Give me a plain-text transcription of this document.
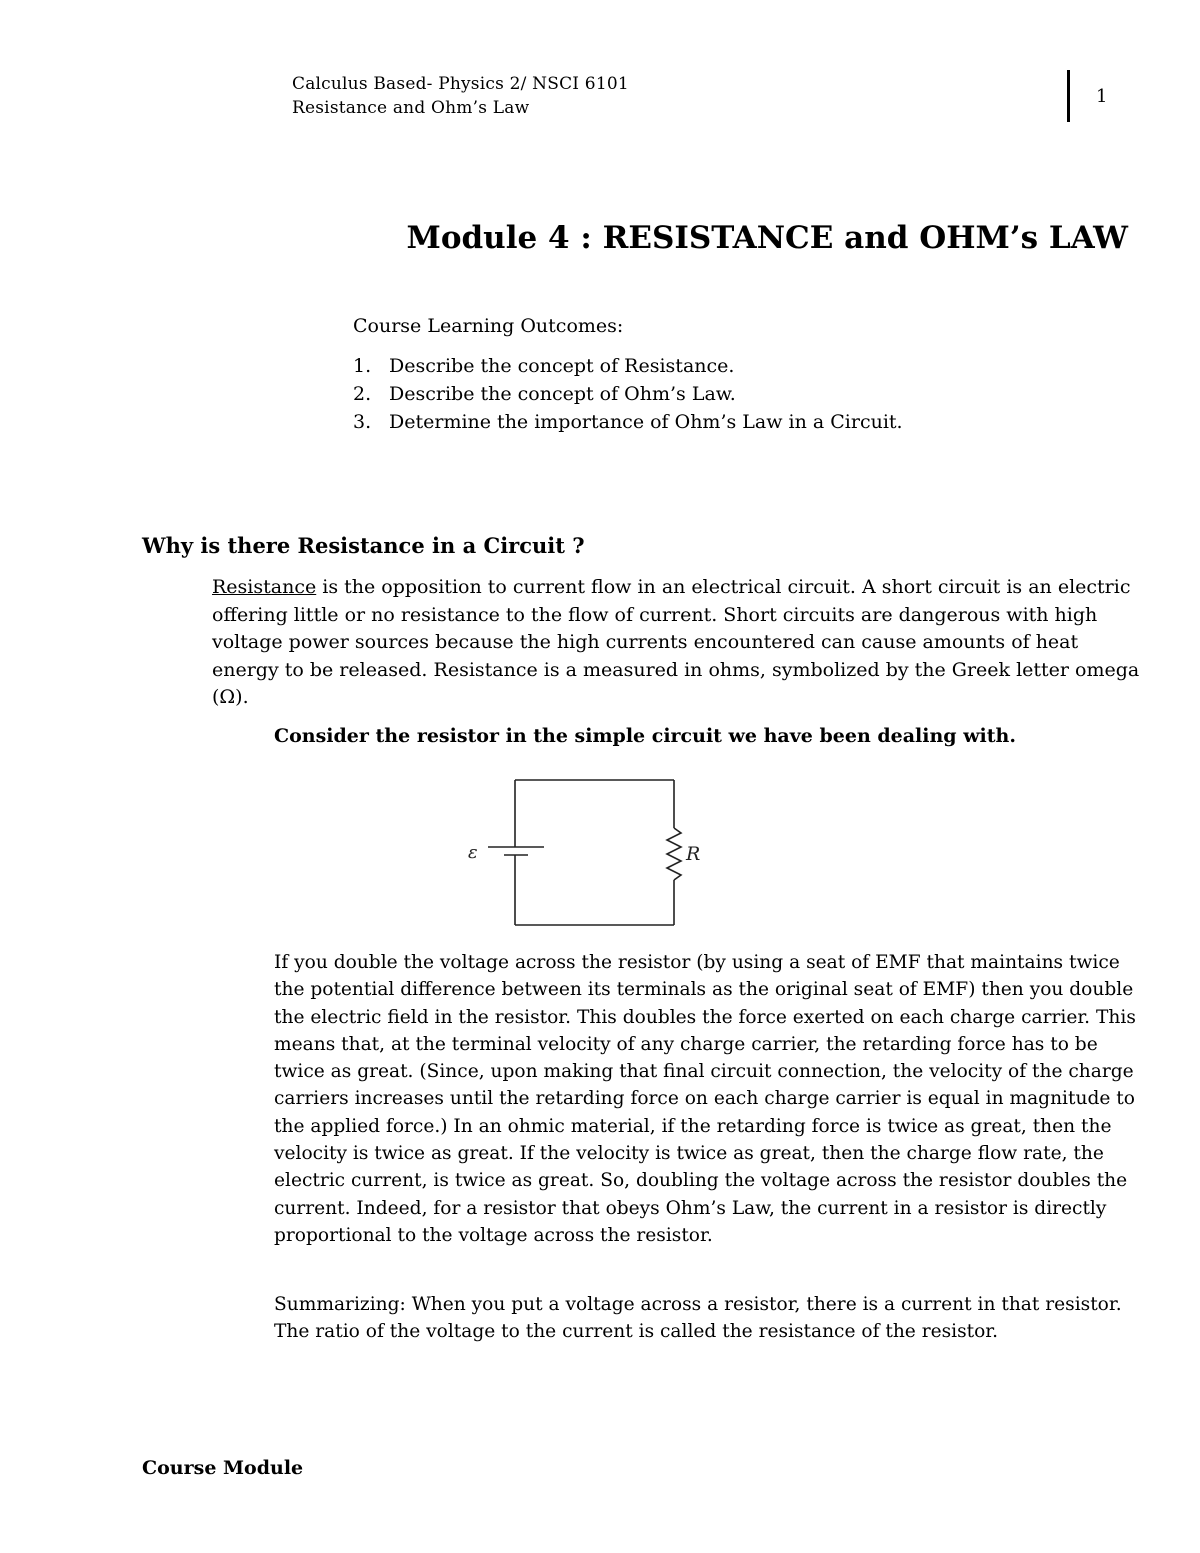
Calculus Based- Physics 2/ NSCI 6101
Resistance and Ohm’s Law
1
Module 4 : RESISTANCE and OHM’s LAW
Course Learning Outcomes:
1. Describe the concept of Resistance.
2. Describe the concept of Ohm’s Law.
3. Determine the importance of Ohm’s Law in a Circuit.
Why is there Resistance in a Circuit ?

Resistance is the opposition to current flow in an electrical circuit. A short circuit is an electric offering little or no resistance to the flow of current. Short circuits are dangerous with high voltage power sources because the high currents encountered can cause amounts of heat energy to be released. Resistance is a measured in ohms, symbolized by the Greek letter omega (Ω).

Consider the resistor in the simple circuit we have been dealing with.
ε	R

If you double the voltage across the resistor (by using a seat of EMF that maintains twice the potential difference between its terminals as the original seat of EMF) then you double the electric field in the resistor. This doubles the force exerted on each charge carrier. This means that, at the terminal velocity of any charge carrier, the retarding force has to be twice as great. (Since, upon making that final circuit connection, the velocity of the charge carriers increases until the retarding force on each charge carrier is equal in magnitude to the applied force.) In an ohmic material, if the retarding force is twice as great, then the velocity is twice as great. If the velocity is twice as great, then the charge flow rate, the electric current, is twice as great. So, doubling the voltage across the resistor doubles the current. Indeed, for a resistor that obeys Ohm’s Law, the current in a resistor is directly proportional to the voltage across the resistor.

Summarizing: When you put a voltage across a resistor, there is a current in that resistor. The ratio of the voltage to the current is called the resistance of the resistor.

Course Module
